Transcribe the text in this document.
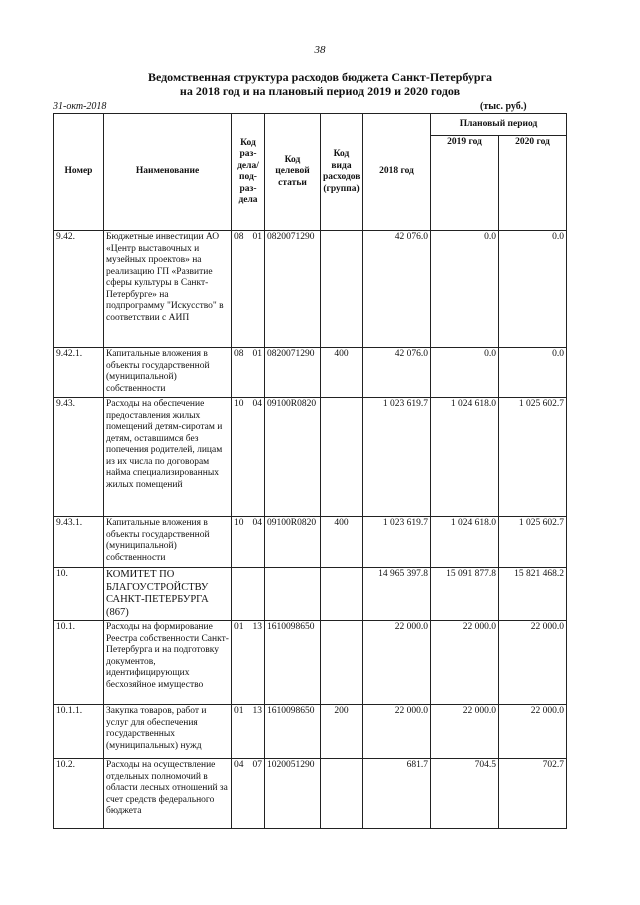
38
Ведомственная структура расходов бюджета Санкт-Петербурга
на 2018 год и на плановый период 2019 и 2020 годов
31-окт-2018	(тыс. руб.)
Номер	Наименование	Код раз-дела/ под-раз-дела		Код целевой статьи	Код вида расходов (группа)	2018 год	Плановый период	
							2019 год	2020 год
9.42.	Бюджетные инвестиции АО «Центр выставочных и музейных проектов» на реализацию ГП «Развитие сферы культуры в Санкт-Петербурге» на подпрограмму "Искусство" в соответствии с АИП	08	01	0820071290		42 076.0	0.0	0.0
9.42.1.	Капитальные вложения в объекты государственной (муниципальной) собственности	08	01	0820071290	400	42 076.0	0.0	0.0
9.43.	Расходы на обеспечение предоставления жилых помещений детям-сиротам и детям, оставшимся без попечения родителей, лицам из их числа по договорам найма специализированных жилых помещений	10	04	09100R0820		1 023 619.7	1 024 618.0	1 025 602.7
9.43.1.	Капитальные вложения в объекты государственной (муниципальной) собственности	10	04	09100R0820	400	1 023 619.7	1 024 618.0	1 025 602.7
10.	КОМИТЕТ ПО БЛАГОУСТРОЙСТВУ САНКТ-ПЕТЕРБУРГА (867)					14 965 397.8	15 091 877.8	15 821 468.2
10.1.	Расходы на формирование Реестра собственности Санкт-Петербурга и на подготовку документов, идентифицирующих бесхозяйное имущество	01	13	1610098650		22 000.0	22 000.0	22 000.0
10.1.1.	Закупка товаров, работ и услуг для обеспечения государственных (муниципальных) нужд	01	13	1610098650	200	22 000.0	22 000.0	22 000.0
10.2.	Расходы на осуществление отдельных полномочий в области лесных отношений за счет средств федерального бюджета	04	07	1020051290		681.7	704.5	702.7
